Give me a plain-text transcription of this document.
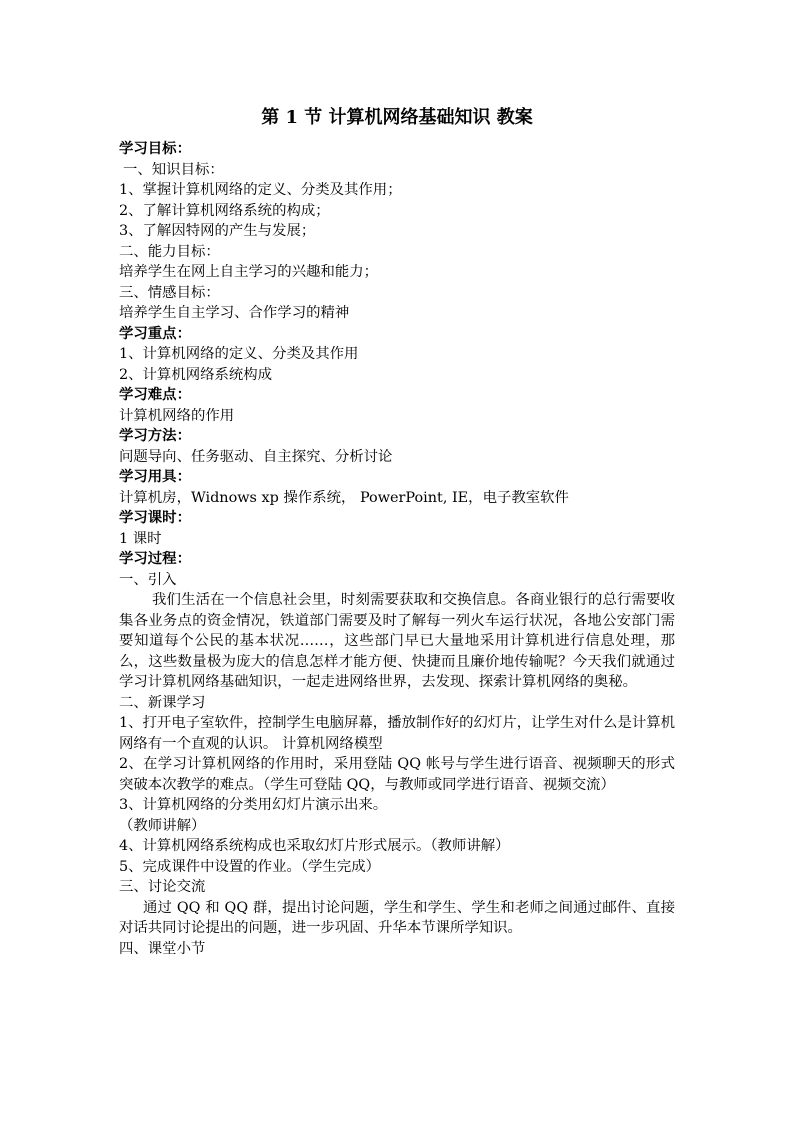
第 1 节 计算机网络基础知识 教案
学习目标：
一、知识目标：
1、掌握计算机网络的定义、分类及其作用；
2、了解计算机网络系统的构成；
3、了解因特网的产生与发展；
二、能力目标：
培养学生在网上自主学习的兴趣和能力；
三、情感目标：
培养学生自主学习、合作学习的精神
学习重点：
1、计算机网络的定义、分类及其作用
2、计算机网络系统构成
学习难点：
计算机网络的作用
学习方法：
问题导向、任务驱动、自主探究、分析讨论
学习用具：
计算机房，Widnows xp 操作系统， PowerPoint, IE，电子教室软件
学习课时：
1 课时
学习过程：
一、引入
我们生活在一个信息社会里，时刻需要获取和交换信息。各商业银行的总行需要收集各业务点的资金情况，铁道部门需要及时了解每一列火车运行状况，各地公安部门需要知道每个公民的基本状况……，这些部门早已大量地采用计算机进行信息处理，那么，这些数量极为庞大的信息怎样才能方便、快捷而且廉价地传输呢？今天我们就通过学习计算机网络基础知识，一起走进网络世界，去发现、探索计算机网络的奥秘。
二、新课学习
1、打开电子室软件，控制学生电脑屏幕，播放制作好的幻灯片，让学生对什么是计算机网络有一个直观的认识。 计算机网络模型
2、在学习计算机网络的作用时，采用登陆 QQ 帐号与学生进行语音、视频聊天的形式突破本次教学的难点。（学生可登陆 QQ，与教师或同学进行语音、视频交流）
3、计算机网络的分类用幻灯片演示出来。
（教师讲解）
4、计算机网络系统构成也采取幻灯片形式展示。（教师讲解）
5、完成课件中设置的作业。（学生完成）
三、讨论交流
通过 QQ 和 QQ 群，提出讨论问题，学生和学生、学生和老师之间通过邮件、直接对话共同讨论提出的问题，进一步巩固、升华本节课所学知识。
四、课堂小节
